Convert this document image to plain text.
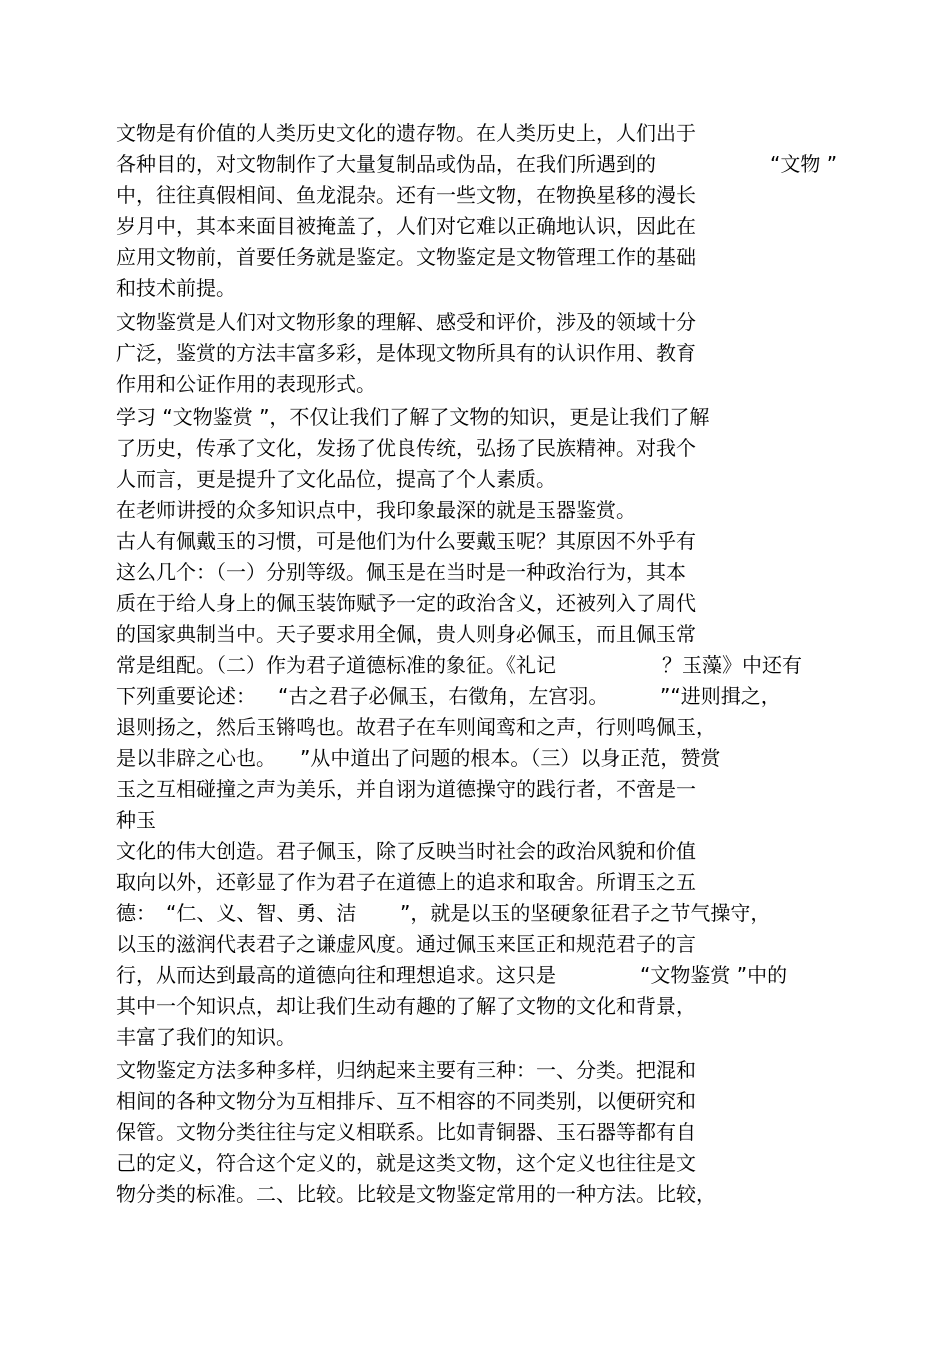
文物是有价值的人类历史文化的遗存物。在人类历史上，人们出于
各种目的，对文物制作了大量复制品或伪品，在我们所遇到的	“文物 ”
中，往往真假相间、鱼龙混杂。还有一些文物，在物换星移的漫长
岁月中，其本来面目被掩盖了，人们对它难以正确地认识，因此在
应用文物前，首要任务就是鉴定。文物鉴定是文物管理工作的基础
和技术前提。
文物鉴赏是人们对文物形象的理解、感受和评价，涉及的领域十分
广泛，鉴赏的方法丰富多彩，是体现文物所具有的认识作用、教育
作用和公证作用的表现形式。
学习 “文物鉴赏 ”，不仅让我们了解了文物的知识，更是让我们了解
了历史，传承了文化，发扬了优良传统，弘扬了民族精神。对我个
人而言，更是提升了文化品位，提高了个人素质。
在老师讲授的众多知识点中，我印象最深的就是玉器鉴赏。
古人有佩戴玉的习惯，可是他们为什么要戴玉呢？其原因不外乎有
这么几个：（一）分别等级。佩玉是在当时是一种政治行为，其本
质在于给人身上的佩玉装饰赋予一定的政治含义，还被列入了周代
的国家典制当中。天子要求用全佩，贵人则身必佩玉，而且佩玉常
常是组配。（二）作为君子道德标准的象征。《礼记	？玉藻》中还有
下列重要论述： “古之君子必佩玉，右徵角，左宫羽。	”“进则揖之，
退则扬之，然后玉锵鸣也。故君子在车则闻鸾和之声，行则鸣佩玉，
是以非辟之心也。 ”从中道出了问题的根本。（三）以身正范，赞赏
玉之互相碰撞之声为美乐，并自诩为道德操守的践行者，不啻是一
种玉
文化的伟大创造。君子佩玉，除了反映当时社会的政治风貌和价值
取向以外，还彰显了作为君子在道德上的追求和取舍。所谓玉之五
德： “仁、义、智、勇、洁 ”，就是以玉的坚硬象征君子之节气操守，
以玉的滋润代表君子之谦虚风度。通过佩玉来匡正和规范君子的言
行，从而达到最高的道德向往和理想追求。这只是	“文物鉴赏 ”中的
其中一个知识点，却让我们生动有趣的了解了文物的文化和背景，
丰富了我们的知识。
文物鉴定方法多种多样，归纳起来主要有三种：一、分类。把混和
相间的各种文物分为互相排斥、互不相容的不同类别，以便研究和
保管。文物分类往往与定义相联系。比如青铜器、玉石器等都有自
己的定义，符合这个定义的，就是这类文物，这个定义也往往是文
物分类的标准。二、比较。比较是文物鉴定常用的一种方法。比较，
